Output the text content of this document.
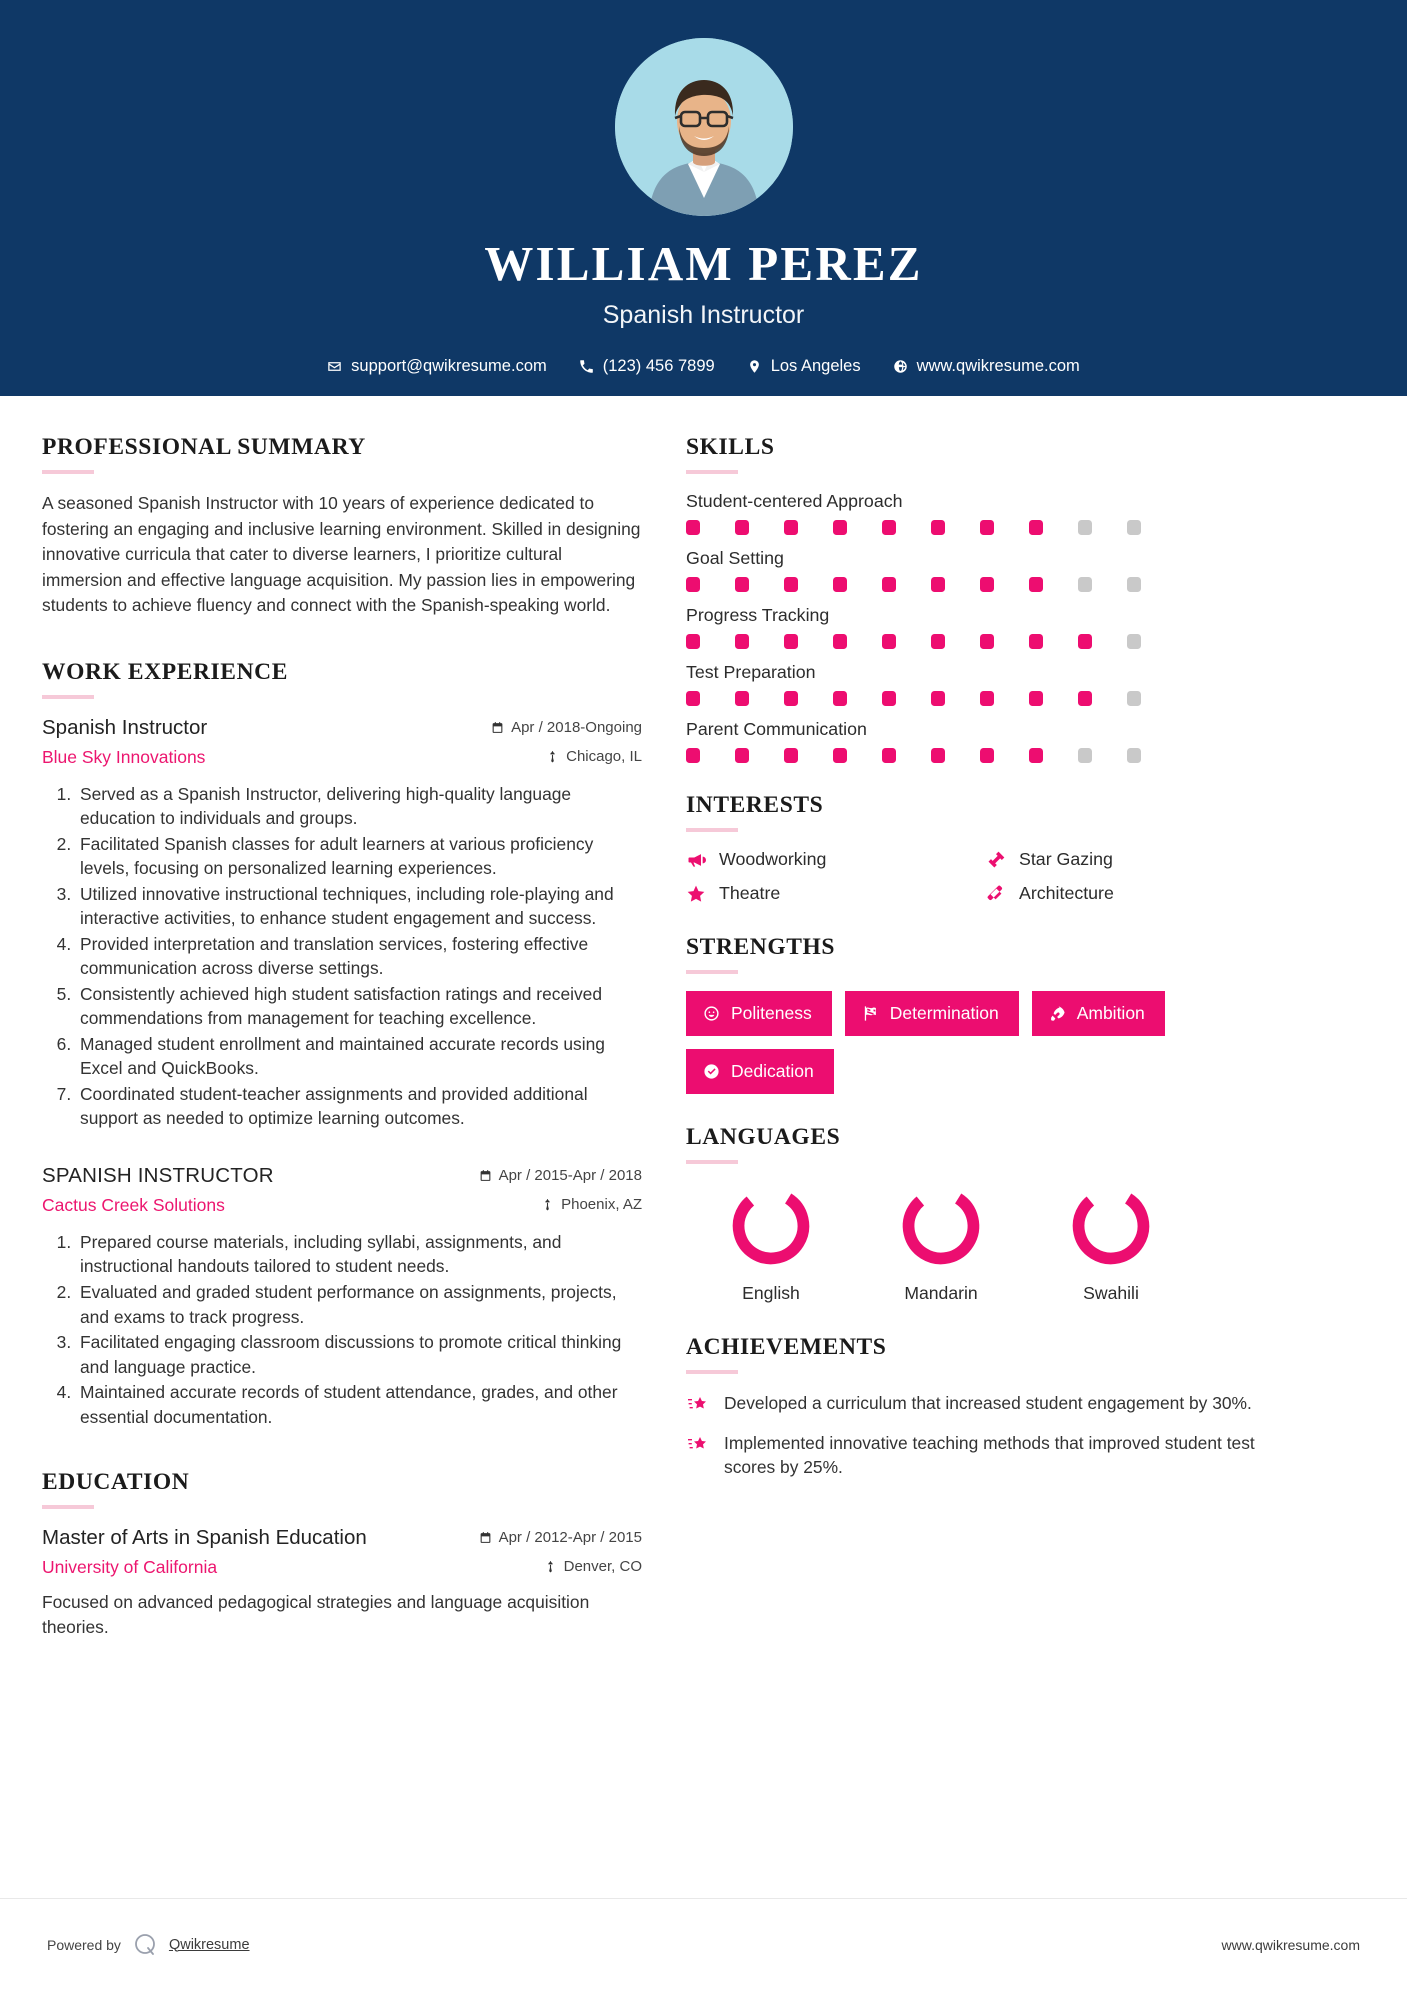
WILLIAM PEREZ
Spanish Instructor
support@qwikresume.com	(123) 456 7899	Los Angeles	www.qwikresume.com
PROFESSIONAL SUMMARY
A seasoned Spanish Instructor with 10 years of experience dedicated to fostering an engaging and inclusive learning environment. Skilled in designing innovative curricula that cater to diverse learners, I prioritize cultural immersion and effective language acquisition. My passion lies in empowering students to achieve fluency and connect with the Spanish-speaking world.
WORK EXPERIENCE
Spanish Instructor	Apr / 2018-Ongoing
Blue Sky Innovations	Chicago, IL
1. Served as a Spanish Instructor, delivering high-quality language education to individuals and groups.
2. Facilitated Spanish classes for adult learners at various proficiency levels, focusing on personalized learning experiences.
3. Utilized innovative instructional techniques, including role-playing and interactive activities, to enhance student engagement and success.
4. Provided interpretation and translation services, fostering effective communication across diverse settings.
5. Consistently achieved high student satisfaction ratings and received commendations from management for teaching excellence.
6. Managed student enrollment and maintained accurate records using Excel and QuickBooks.
7. Coordinated student-teacher assignments and provided additional support as needed to optimize learning outcomes.
SPANISH INSTRUCTOR	Apr / 2015-Apr / 2018
Cactus Creek Solutions	Phoenix, AZ
1. Prepared course materials, including syllabi, assignments, and instructional handouts tailored to student needs.
2. Evaluated and graded student performance on assignments, projects, and exams to track progress.
3. Facilitated engaging classroom discussions to promote critical thinking and language practice.
4. Maintained accurate records of student attendance, grades, and other essential documentation.
EDUCATION
Master of Arts in Spanish Education	Apr / 2012-Apr / 2015
University of California	Denver, CO
Focused on advanced pedagogical strategies and language acquisition theories.
SKILLS
Student-centered Approach
Goal Setting
Progress Tracking
Test Preparation
Parent Communication
INTERESTS
Woodworking	Star Gazing
Theatre	Architecture
STRENGTHS
Politeness	Determination	Ambition
Dedication
LANGUAGES
English	Mandarin	Swahili
ACHIEVEMENTS
Developed a curriculum that increased student engagement by 30%.
Implemented innovative teaching methods that improved student test scores by 25%.
Powered by	Qwikresume	www.qwikresume.com
